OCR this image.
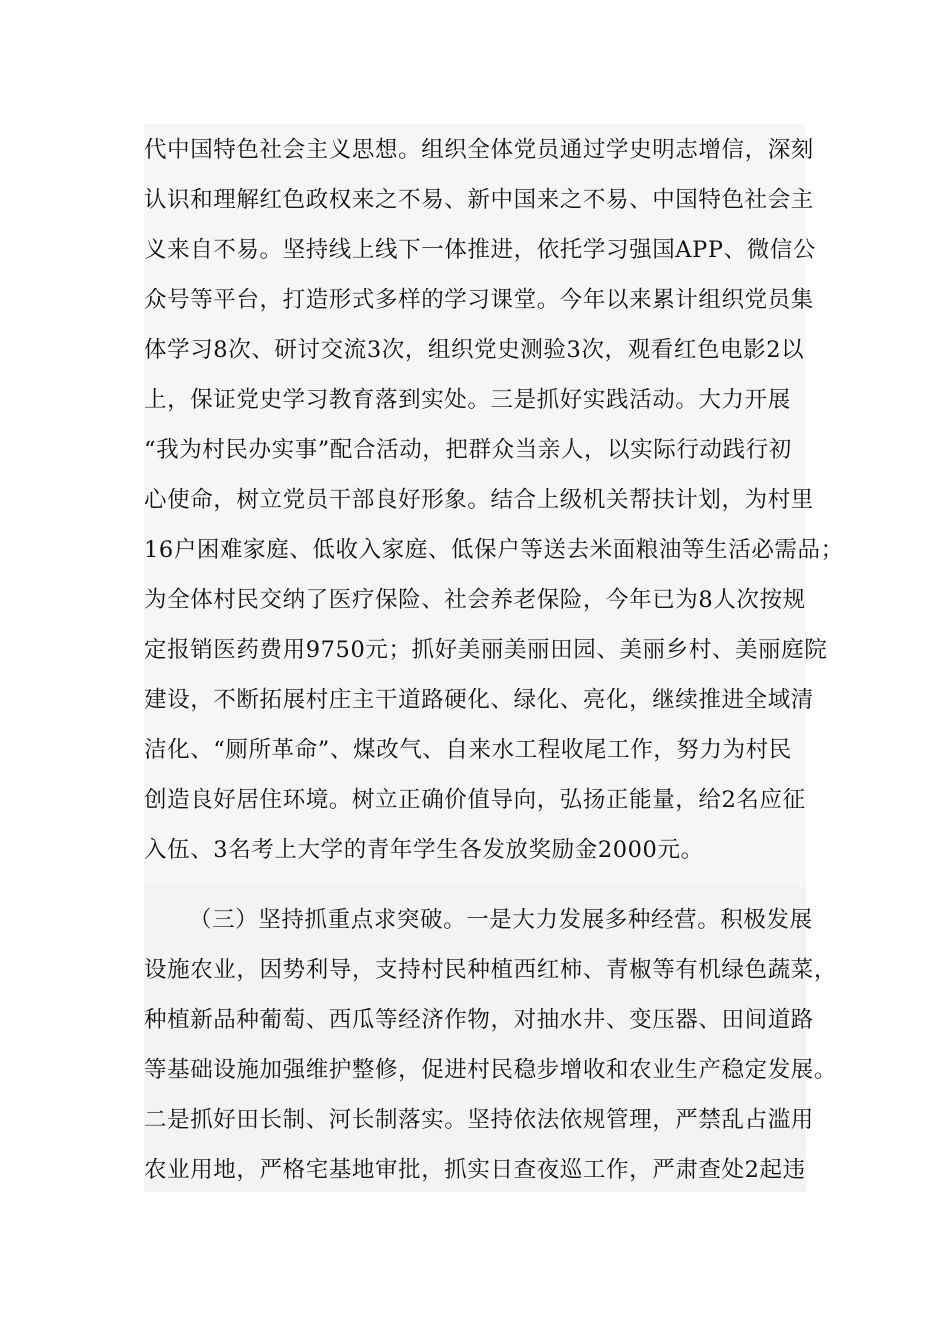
代中国特色社会主义思想。组织全体党员通过学史明志增信，深刻
认识和理解红色政权来之不易、新中国来之不易、中国特色社会主
义来自不易。坚持线上线下一体推进，依托学习强国APP、微信公
众号等平台，打造形式多样的学习课堂。今年以来累计组织党员集
体学习8次、研讨交流3次，组织党史测验3次，观看红色电影2以
上，保证党史学习教育落到实处。三是抓好实践活动。大力开展
“我为村民办实事”配合活动，把群众当亲人，以实际行动践行初
心使命，树立党员干部良好形象。结合上级机关帮扶计划，为村里
16户困难家庭、低收入家庭、低保户等送去米面粮油等生活必需品；
为全体村民交纳了医疗保险、社会养老保险，今年已为8人次按规
定报销医药费用9750元；抓好美丽美丽田园、美丽乡村、美丽庭院
建设，不断拓展村庄主干道路硬化、绿化、亮化，继续推进全域清
洁化、“厕所革命”、煤改气、自来水工程收尾工作，努力为村民
创造良好居住环境。树立正确价值导向，弘扬正能量，给2名应征
入伍、3名考上大学的青年学生各发放奖励金2000元。
（三）坚持抓重点求突破。一是大力发展多种经营。积极发展
设施农业，因势利导，支持村民种植西红柿、青椒等有机绿色蔬菜，
种植新品种葡萄、西瓜等经济作物，对抽水井、变压器、田间道路
等基础设施加强维护整修，促进村民稳步增收和农业生产稳定发展。
二是抓好田长制、河长制落实。坚持依法依规管理，严禁乱占滥用
农业用地，严格宅基地审批，抓实日查夜巡工作，严肃查处2起违
